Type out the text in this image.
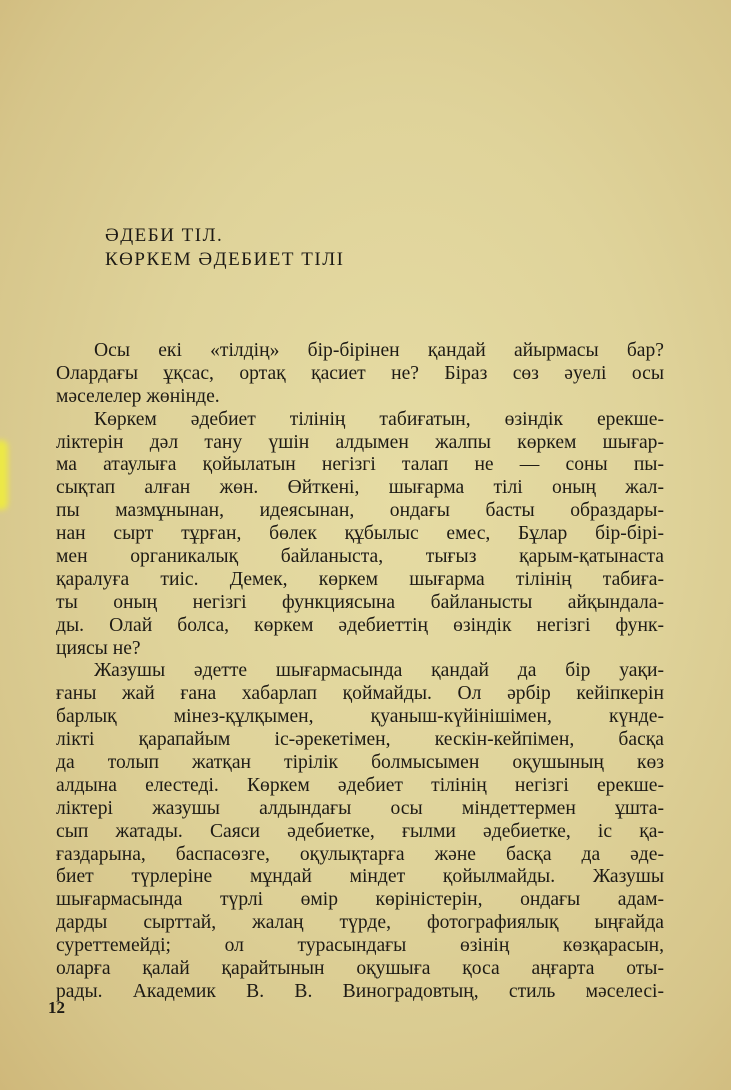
ӘДЕБИ ТІЛ.
КӨРКЕМ ӘДЕБИЕТ ТІЛІ
Осы екі «тілдің» бір-бірінен қандай айырмасы бар?
Олардағы ұқсас, ортақ қасиет не? Біраз сөз әуелі осы
мәселелер жөнінде.
Көркем әдебиет тілінің табиғатын, өзіндік ерекше-
ліктерін дәл тану үшін алдымен жалпы көркем шығар-
ма атаулыға қойылатын негізгі талап не — соны пы-
сықтап алған жөн. Өйткені, шығарма тілі оның жал-
пы мазмұнынан, идеясынан, ондағы басты образдары-
нан сырт тұрған, бөлек құбылыс емес, Бұлар бір-бірі-
мен органикалық байланыста, тығыз қарым-қатынаста
қаралуға тиіс. Демек, көркем шығарма тілінің табиға-
ты оның негізгі функциясына байланысты айқындала-
ды. Олай болса, көркем әдебиеттің өзіндік негізгі функ-
циясы не?
Жазушы әдетте шығармасында қандай да бір уақи-
ғаны жай ғана хабарлап қоймайды. Ол әрбір кейіпкерін
барлық мінез-құлқымен, қуаныш-күйінішімен, күнде-
лікті қарапайым іс-әрекетімен, кескін-кейпімен, басқа
да толып жатқан тірілік болмысымен оқушының көз
алдына елестеді. Көркем әдебиет тілінің негізгі ерекше-
ліктері жазушы алдындағы осы міндеттермен ұшта-
сып жатады. Саяси әдебиетке, ғылми әдебиетке, іс қа-
ғаздарына, баспасөзге, оқулықтарға және басқа да әде-
биет түрлеріне мұндай міндет қойылмайды. Жазушы
шығармасында түрлі өмір көріністерін, ондағы адам-
дарды сырттай, жалаң түрде, фотографиялық ыңғайда
суреттемейді; ол турасындағы өзінің көзқарасын,
оларға қалай қарайтынын оқушыға қоса аңғарта оты-
рады. Академик В. В. Виноградовтың, стиль мәселесі-
12
